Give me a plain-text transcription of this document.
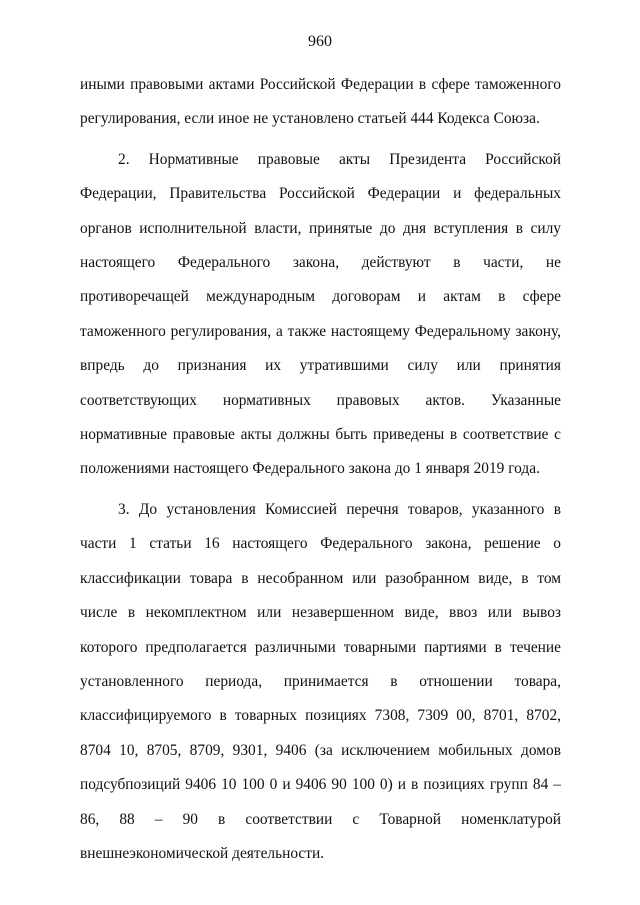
960

иными правовыми актами Российской Федерации в сфере таможенного регулирования, если иное не установлено статьей 444 Кодекса Союза.

2. Нормативные правовые акты Президента Российской Федерации, Правительства Российской Федерации и федеральных органов исполнительной власти, принятые до дня вступления в силу настоящего Федерального закона, действуют в части, не противоречащей международным договорам и актам в сфере таможенного регулирования, а также настоящему Федеральному закону, впредь до признания их утратившими силу или принятия соответствующих нормативных правовых актов. Указанные нормативные правовые акты должны быть приведены в соответствие с положениями настоящего Федерального закона до 1 января 2019 года.

3. До установления Комиссией перечня товаров, указанного в части 1 статьи 16 настоящего Федерального закона, решение о классификации товара в несобранном или разобранном виде, в том числе в некомплектном или незавершенном виде, ввоз или вывоз которого предполагается различными товарными партиями в течение установленного периода, принимается в отношении товара, классифицируемого в товарных позициях 7308, 7309 00, 8701, 8702, 8704 10, 8705, 8709, 9301, 9406 (за исключением мобильных домов подсубпозиций 9406 10 100 0 и 9406 90 100 0) и в позициях групп 84 – 86, 88 – 90 в соответствии с Товарной номенклатурой внешнеэкономической деятельности.
